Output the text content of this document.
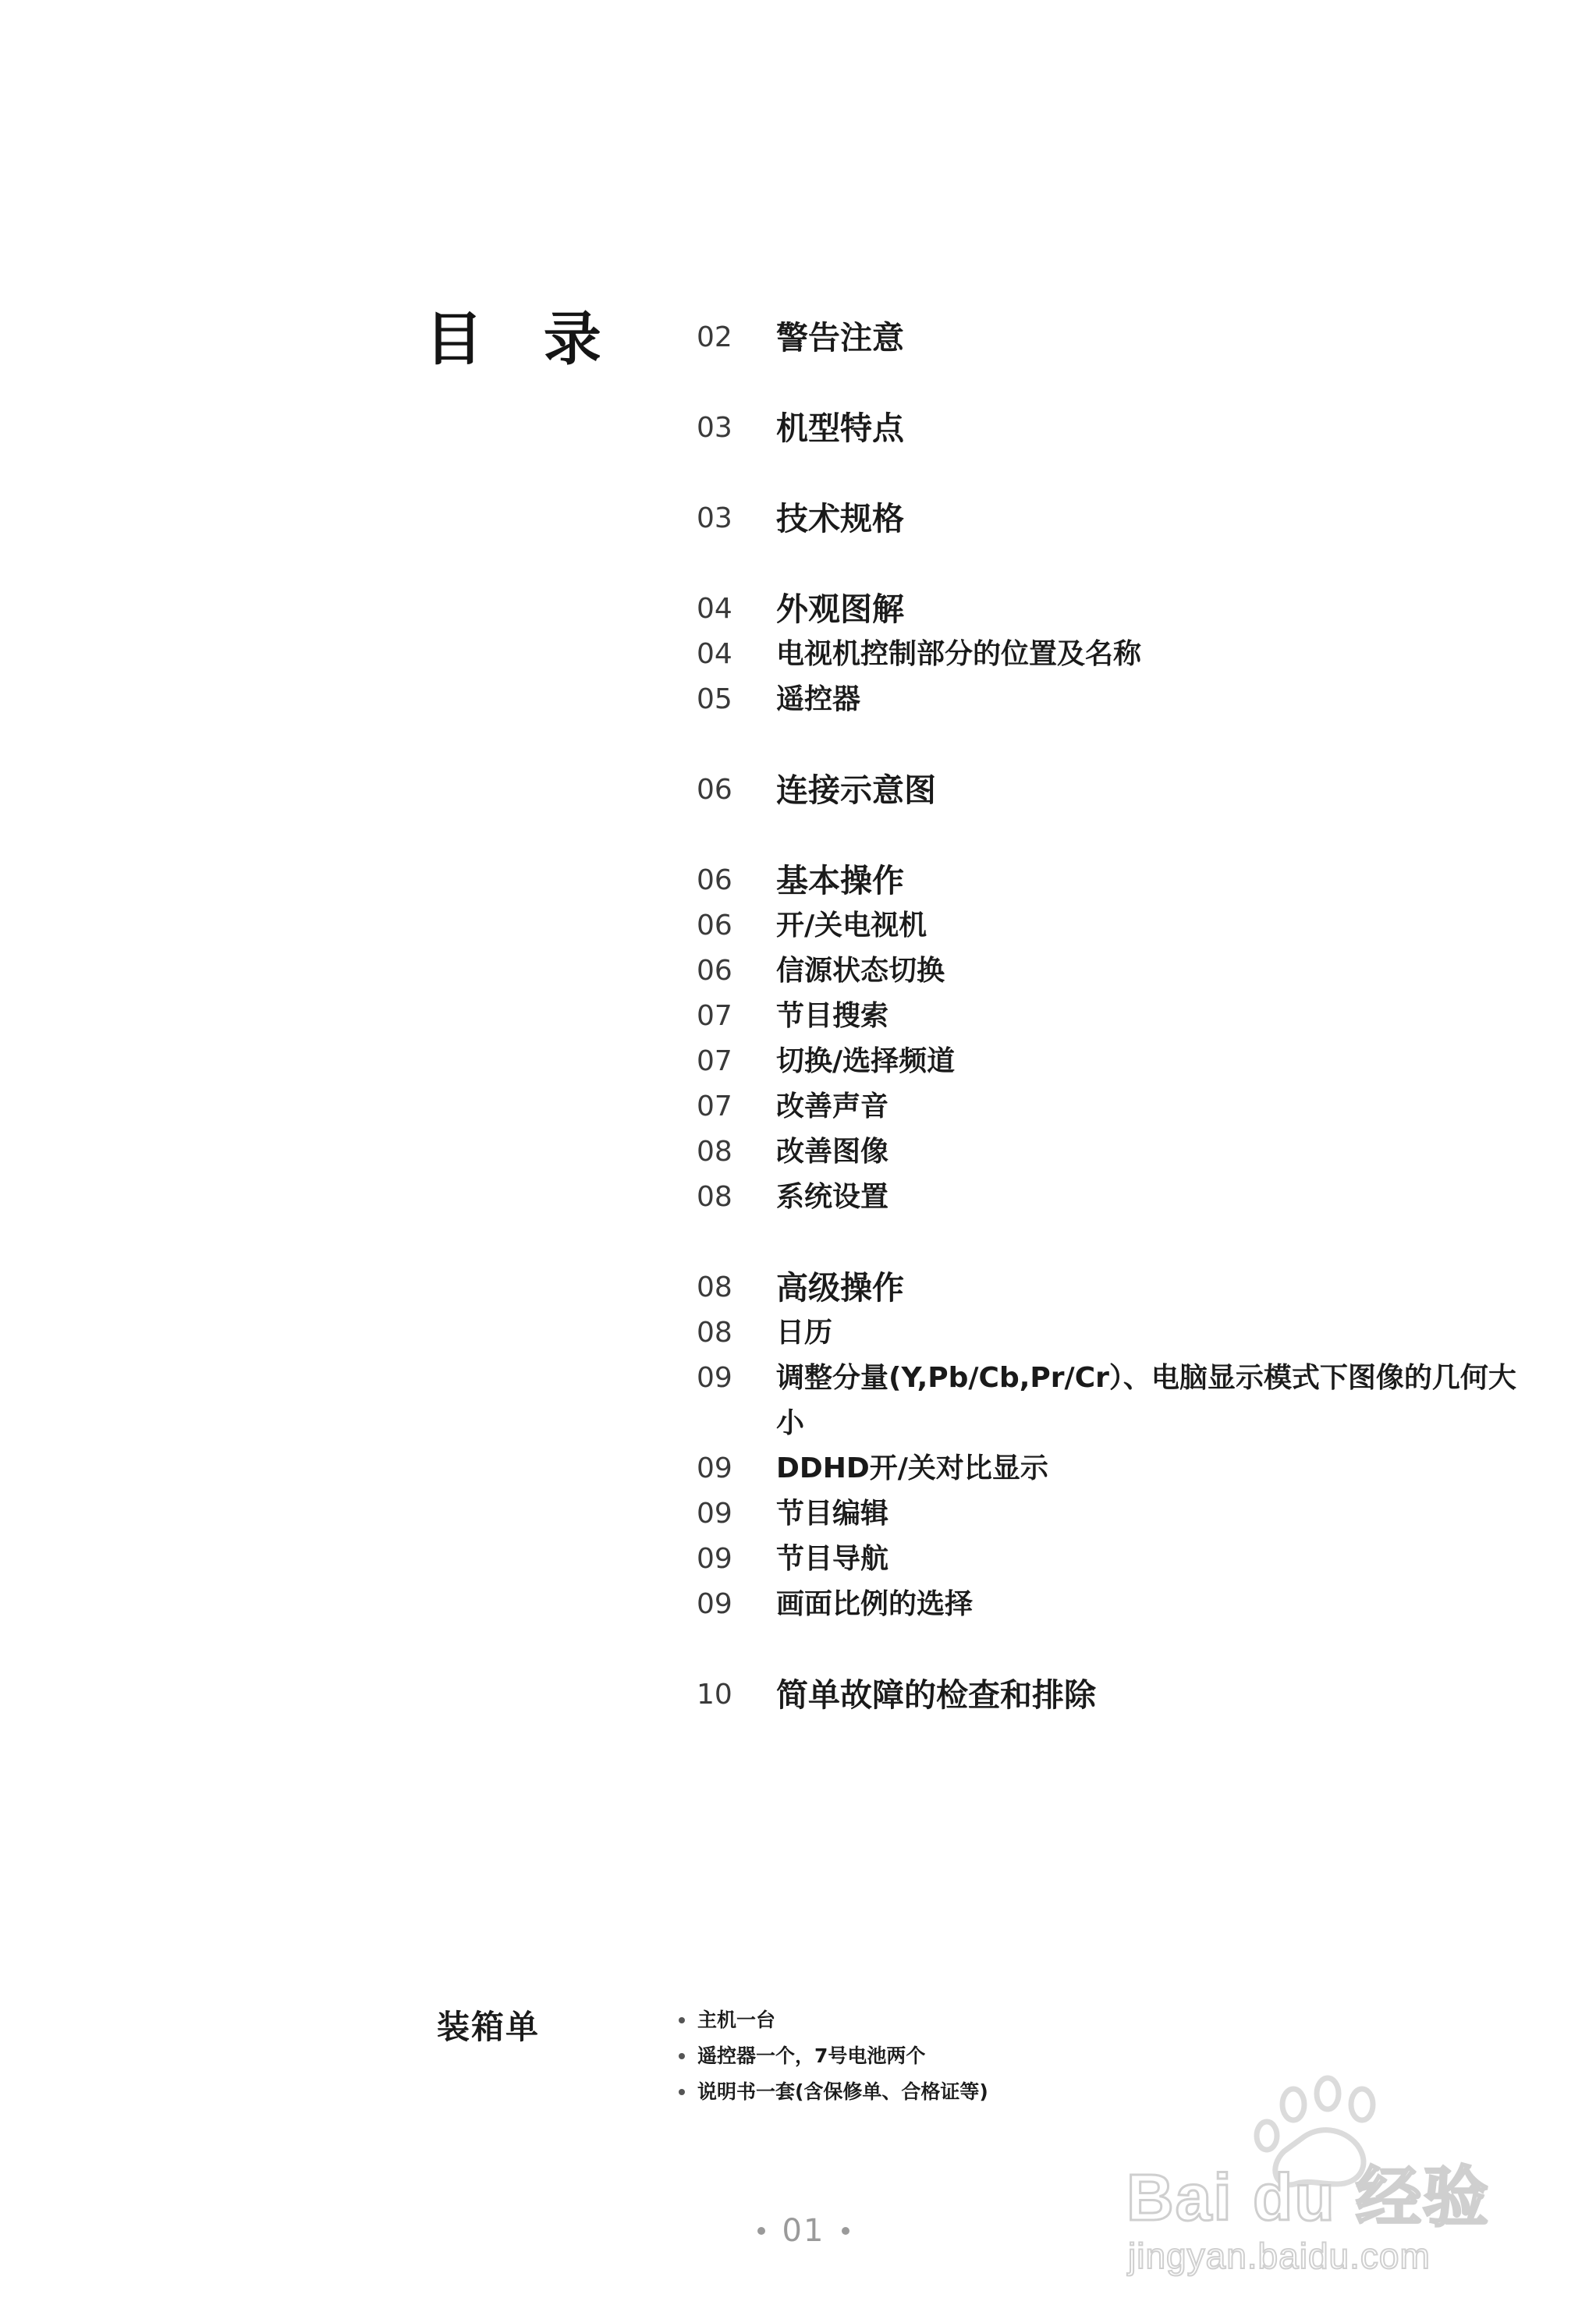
目 录	02	警告注意
03	机型特点
03	技术规格
04	外观图解
04	电视机控制部分的位置及名称
05	遥控器
06	连接示意图
06	基本操作
06	开/关电视机
06	信源状态切换
07	节目搜索
07	切换/选择频道
07	改善声音
08	改善图像
08	系统设置
08	高级操作
08	日历
09	调整分量(Y,Pb/Cb,Pr/Cr）、电脑显示模式下图像的几何大小
09	DDHD开/关对比显示
09	节目编辑
09	节目导航
09	画面比例的选择
10	简单故障的检查和排除
装箱单	主机一台
遥控器一个，7号电池两个
说明书一套(含保修单、合格证等)
01	Bai du 经验
jingyan.baidu.com
